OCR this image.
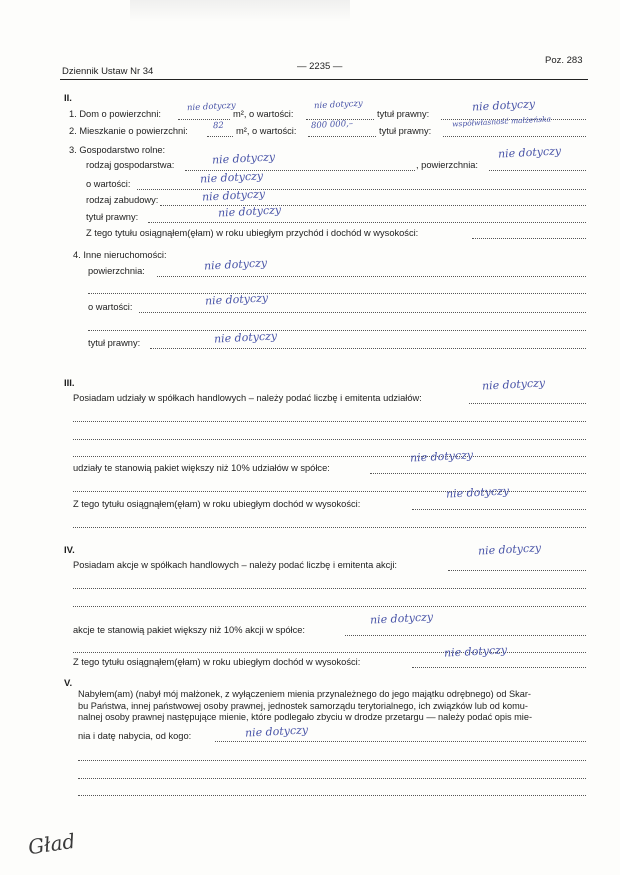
Dziennik Ustaw Nr 34	— 2235 —
Poz. 283
II.
1. Dom o powierzchni:
nie dotyczy
m², o wartości:
nie dotyczy
tytuł prawny:
nie dotyczy
2. Mieszkanie o powierzchni:	82 m², o wartości: 800 000,–	tytuł prawny:
współwłasność małżeńska
3. Gospodarstwo rolne:
rodzaj gospodarstwa:	nie dotyczy	, powierzchnia:
nie dotyczy
o wartości:	nie dotyczy
rodzaj zabudowy:	nie dotyczy
tytuł prawny:	nie dotyczy
Z tego tytułu osiągnąłem(ęłam) w roku ubiegłym przychód i dochód w wysokości:
4. Inne nieruchomości:
powierzchnia:	nie dotyczy
o wartości:	nie dotyczy
tytuł prawny:	nie dotyczy
III.
Posiadam udziały w spółkach handlowych – należy podać liczbę i emitenta udziałów:
nie dotyczy
udziały te stanowią pakiet większy niż 10% udziałów w spółce:
nie dotyczy
Z tego tytułu osiągnąłem(ęłam) w roku ubiegłym dochód w wysokości:
nie dotyczy
IV.
Posiadam akcje w spółkach handlowych – należy podać liczbę i emitenta akcji:
nie dotyczy
akcje te stanowią pakiet większy niż 10% akcji w spółce:
nie dotyczy
Z tego tytułu osiągnąłem(ęłam) w roku ubiegłym dochód w wysokości:
nie dotyczy
V.
Nabyłem(am) (nabył mój małżonek, z wyłączeniem mienia przynależnego do jego majątku odrębnego) od Skar-
bu Państwa, innej państwowej osoby prawnej, jednostek samorządu terytorialnego, ich związków lub od komu-
nalnej osoby prawnej następujące mienie, które podlegało zbyciu w drodze przetargu — należy podać opis mie-
nia i datę nabycia, od kogo:	nie dotyczy
Gład
